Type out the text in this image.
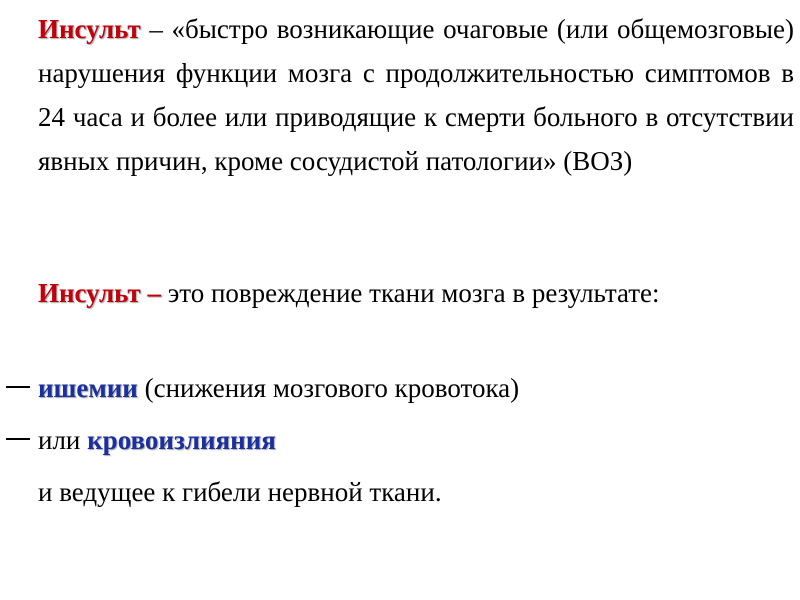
Инсульт – «быстро возникающие очаговые (или общемозговые) нарушения функции мозга с продолжительностью симптомов в 24 часа и более или приводящие к смерти больного в отсутствии явных причин, кроме сосудистой патологии» (ВОЗ)
Инсульт – это повреждение ткани мозга в результате:
ишемии (снижения мозгового кровотока)
или кровоизлияния
и ведущее к гибели нервной ткани.
